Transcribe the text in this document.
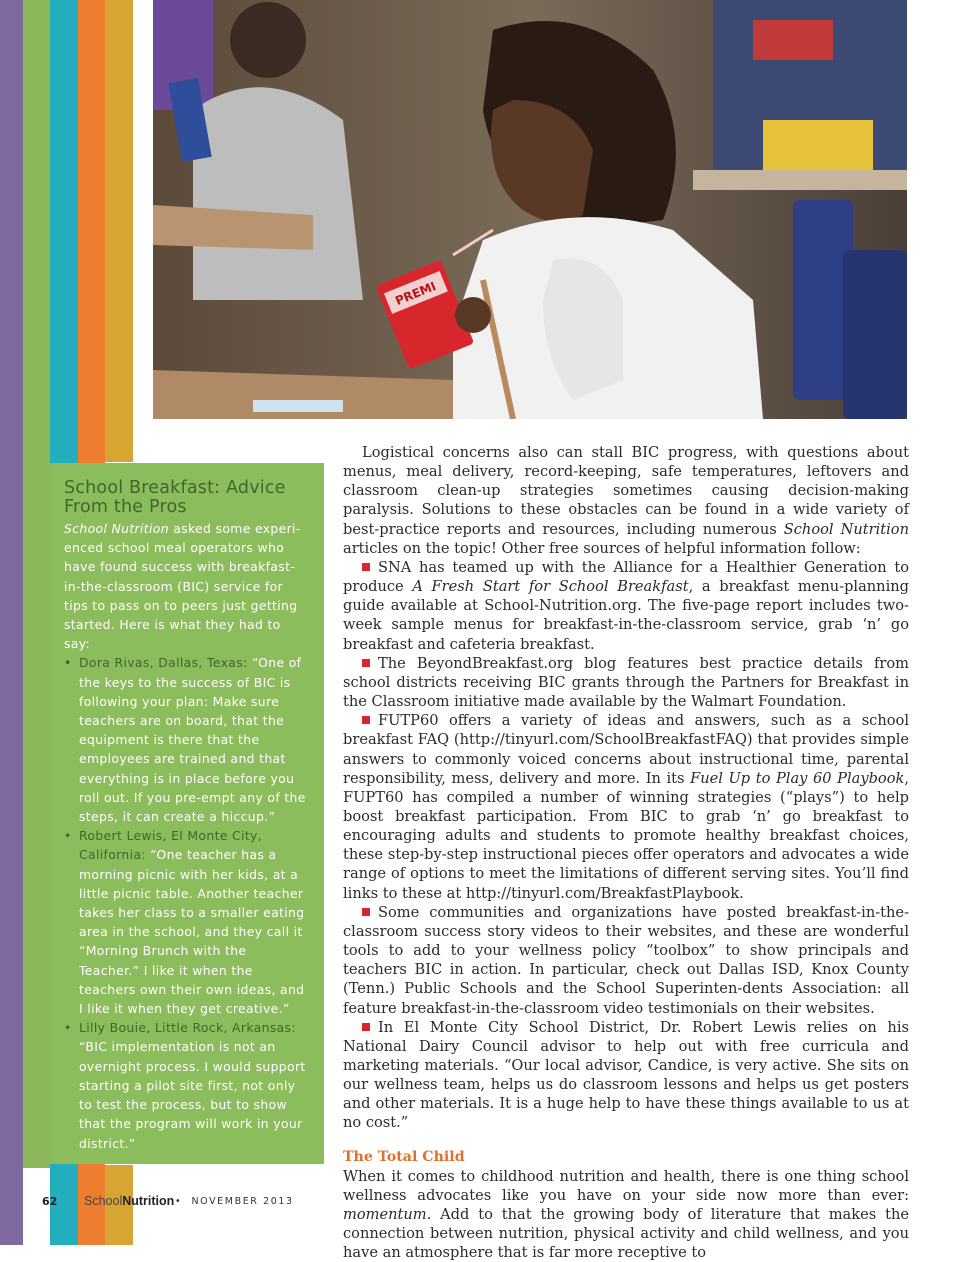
PREMI
School Breakfast: Advice
From the Pros

School Nutrition asked some experi-enced school meal operators who have found success with breakfast-in-the-classroom (BIC) service for tips to pass on to peers just getting started. Here is what they had to say:

• Dora Rivas, Dallas, Texas: “One of the keys to the success of BIC is following your plan: Make sure teachers are on board, that the equipment is there that the employees are trained and that everything is in place before you roll out. If you pre-empt any of the steps, it can create a hiccup.”
• Robert Lewis, El Monte City, California: “One teacher has a morning picnic with her kids, at a little picnic table. Another teacher takes her class to a smaller eating area in the school, and they call it “Morning Brunch with the Teacher.” I like it when the teachers own their own ideas, and I like it when they get creative.”
• Lilly Bouie, Little Rock, Arkansas: “BIC implementation is not an overnight process. I would support starting a pilot site first, not only to test the process, but to show that the program will work in your district.”

Logistical concerns also can stall BIC progress, with questions about menus, meal delivery, record-keeping, safe temperatures, leftovers and classroom clean-up strategies sometimes causing decision-making paralysis. Solutions to these obstacles can be found in a wide variety of best-practice reports and resources, including numerous School Nutrition articles on the topic! Other free sources of helpful information follow:

SNA has teamed up with the Alliance for a Healthier Generation to produce A Fresh Start for School Breakfast, a breakfast menu-planning guide available at School-Nutrition.org. The five-page report includes two-week sample menus for breakfast-in-the-classroom service, grab ‘n’ go breakfast and cafeteria breakfast.

The BeyondBreakfast.org blog features best practice details from school districts receiving BIC grants through the Partners for Breakfast in the Classroom initiative made available by the Walmart Foundation.

FUTP60 offers a variety of ideas and answers, such as a school breakfast FAQ (http://tinyurl.com/SchoolBreakfastFAQ) that provides simple answers to commonly voiced concerns about instructional time, parental responsibility, mess, delivery and more. In its Fuel Up to Play 60 Playbook, FUPT60 has compiled a number of winning strategies (“plays”) to help boost breakfast participation. From BIC to grab ‘n’ go breakfast to encouraging adults and students to promote healthy breakfast choices, these step-by-step instructional pieces offer operators and advocates a wide range of options to meet the limitations of different serving sites. You’ll find links to these at http://tinyurl.com/BreakfastPlaybook.

Some communities and organizations have posted breakfast-in-the-classroom success story videos to their websites, and these are wonderful tools to add to your wellness policy “toolbox” to show principals and teachers BIC in action. In particular, check out Dallas ISD, Knox County (Tenn.) Public Schools and the School Superinten-dents Association: all feature breakfast-in-the-classroom video testimonials on their websites.

In El Monte City School District, Dr. Robert Lewis relies on his National Dairy Council advisor to help out with free curricula and marketing materials. “Our local advisor, Candice, is very active. She sits on our wellness team, helps us do classroom lessons and helps us get posters and other materials. It is a huge help to have these things available to us at no cost.”

The Total Child

When it comes to childhood nutrition and health, there is one thing school wellness advocates like you have on your side now more than ever: momentum. Add to that the growing body of literature that makes the connection between nutrition, physical activity and child wellness, and you have an atmosphere that is far more receptive to

62 SchoolNutrition • NOVEMBER 2013
